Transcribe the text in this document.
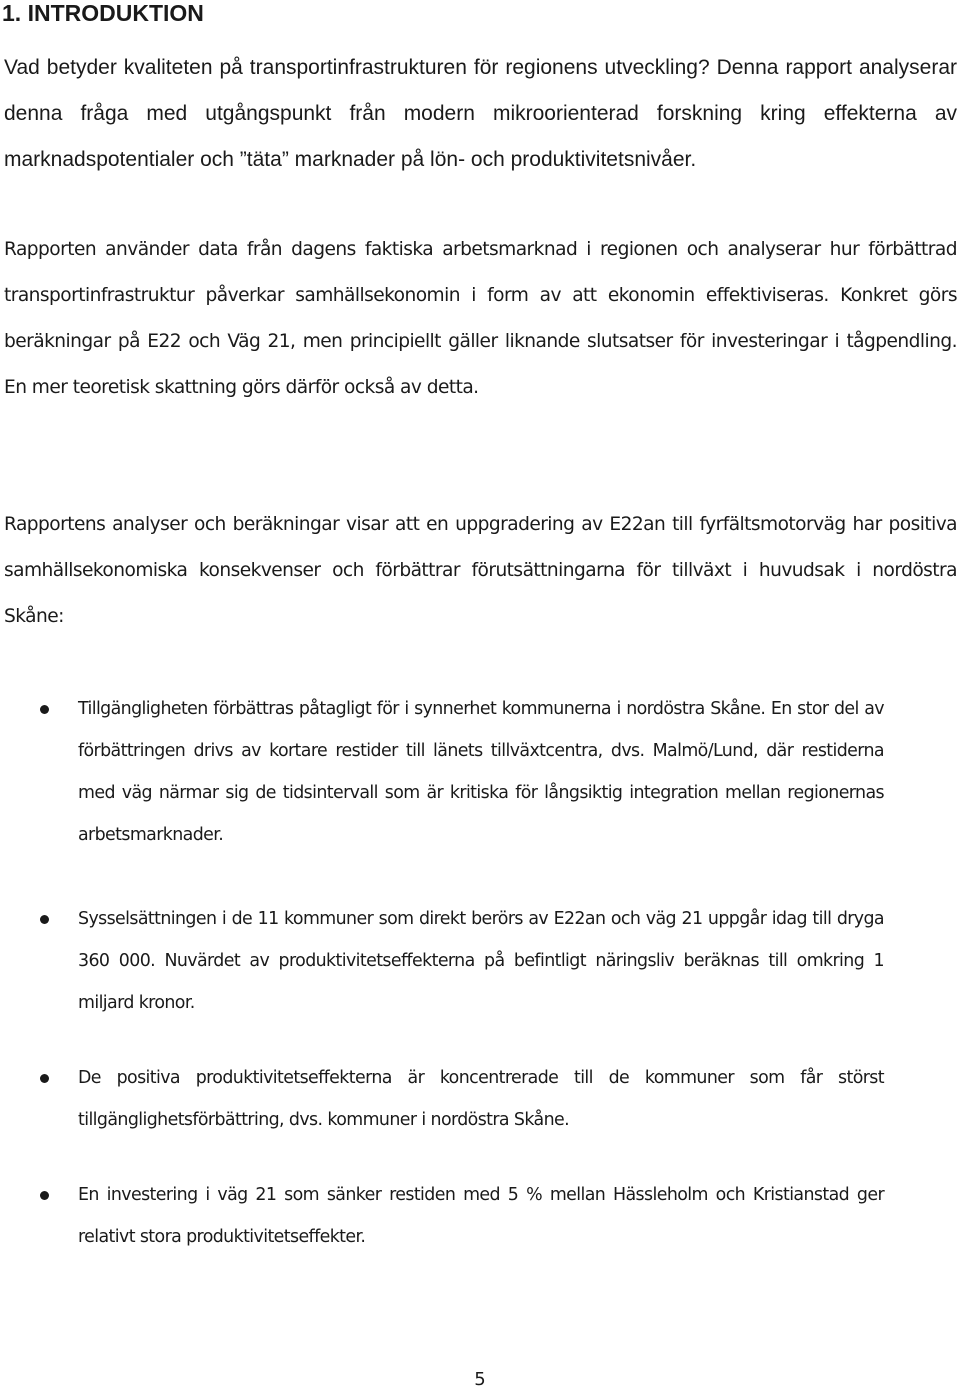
1. INTRODUKTION

Vad betyder kvaliteten på transportinfrastrukturen för regionens utveckling? Denna rapport analyserar denna fråga med utgångspunkt från modern mikroorienterad forskning kring effekterna av marknadspotentialer och ”täta” marknader på lön- och produktivitetsnivåer.

Rapporten använder data från dagens faktiska arbetsmarknad i regionen och analyserar hur förbättrad transportinfrastruktur påverkar samhällsekonomin i form av att ekonomin effektiviseras. Konkret görs beräkningar på E22 och Väg 21, men principiellt gäller liknande slutsatser för investeringar i tågpendling. En mer teoretisk skattning görs därför också av detta.

Rapportens analyser och beräkningar visar att en uppgradering av E22an till fyrfältsmotorväg har positiva samhällsekonomiska konsekvenser och förbättrar förutsättningarna för tillväxt i huvudsak i nordöstra Skåne:

Tillgängligheten förbättras påtagligt för i synnerhet kommunerna i nordöstra Skåne. En stor del av förbättringen drivs av kortare restider till länets tillväxtcentra, dvs. Malmö/Lund, där restiderna med väg närmar sig de tidsintervall som är kritiska för långsiktig integration mellan regionernas arbetsmarknader.
Sysselsättningen i de 11 kommuner som direkt berörs av E22an och väg 21 uppgår idag till dryga 360 000. Nuvärdet av produktivitetseffekterna på befintligt näringsliv beräknas till omkring 1 miljard kronor.
De positiva produktivitetseffekterna är koncentrerade till de kommuner som får störst tillgänglighetsförbättring, dvs. kommuner i nordöstra Skåne.
En investering i väg 21 som sänker restiden med 5 % mellan Hässleholm och Kristianstad ger relativt stora produktivitetseffekter.
5
